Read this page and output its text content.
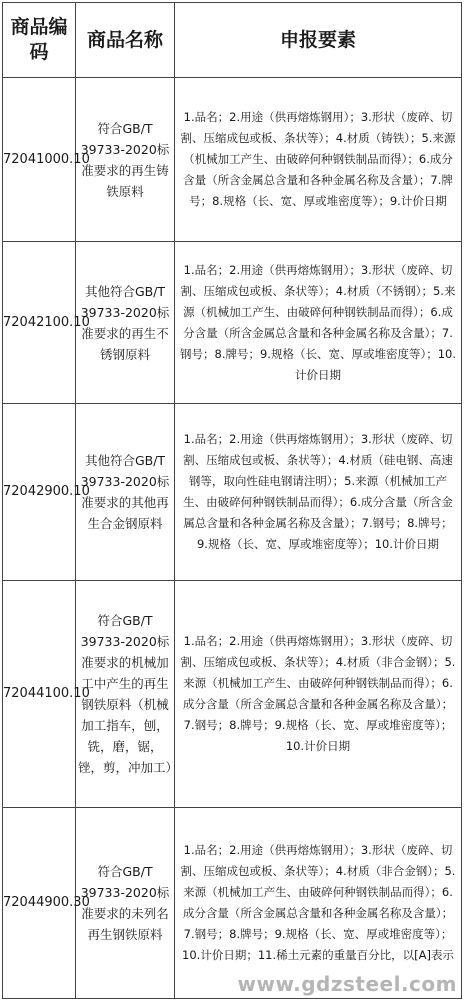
商品编码	商品名称	申报要素
72041000.10	符合GB/T 39733-2020标准要求的再生铸铁原料	1.品名；2.用途（供再熔炼钢用）；3.形状（废碎、切割、压缩成包或板、条状等）；4.材质（铸铁）；5.来源（机械加工产生、由破碎何种钢铁制品而得）；6.成分含量（所含金属总含量和各种金属名称及含量）；7.牌号；8.规格（长、宽、厚或堆密度等）；9.计价日期
72042100.10	其他符合GB/T 39733-2020标准要求的再生不锈钢原料	1.品名；2.用途（供再熔炼钢用）；3.形状（废碎、切割、压缩成包或板、条状等）；4.材质（不锈钢）；5.来源（机械加工产生、由破碎何种钢铁制品而得）；6.成分含量（所含金属总含量和各种金属名称及含量）；7.钢号；8.牌号；9.规格（长、宽、厚或堆密度等）；10.计价日期
72042900.10	其他符合GB/T 39733-2020标准要求的其他再生合金钢原料	1.品名；2.用途（供再熔炼钢用）；3.形状（废碎、切割、压缩成包或板、条状等）；4.材质（硅电钢、高速钢等，取向性硅电钢请注明）；5.来源（机械加工产生、由破碎何种钢铁制品而得）；6.成分含量（所含金属总含量和各种金属名称及含量）；7.钢号；8.牌号；9.规格（长、宽、厚或堆密度等）；10.计价日期
72044100.10	符合GB/T 39733-2020标准要求的机械加工中产生的再生钢铁原料（机械加工指车，刨，铣，磨，锯，锉，剪，冲加工）	1.品名；2.用途（供再熔炼钢用）；3.形状（废碎、切割、压缩成包或板、条状等）；4.材质（非合金钢）；5.来源（机械加工产生、由破碎何种钢铁制品而得）；6.成分含量（所含金属总含量和各种金属名称及含量）；7.钢号；8.牌号；9.规格（长、宽、厚或堆密度等）；10.计价日期
72044900.30	符合GB/T 39733-2020标准要求的未列名再生钢铁原料	1.品名；2.用途（供再熔炼钢用）；3.形状（废碎、切割、压缩成包或板、条状等）；4.材质（非合金钢）；5.来源（机械加工产生、由破碎何种钢铁制品而得）；6.成分含量（所含金属总含量和各种金属名称及含量）；7.钢号；8.牌号；9.规格（长、宽、厚或堆密度等）；10.计价日期；11.稀土元素的重量百分比，以[A]表示
www.gdzsteel.com
